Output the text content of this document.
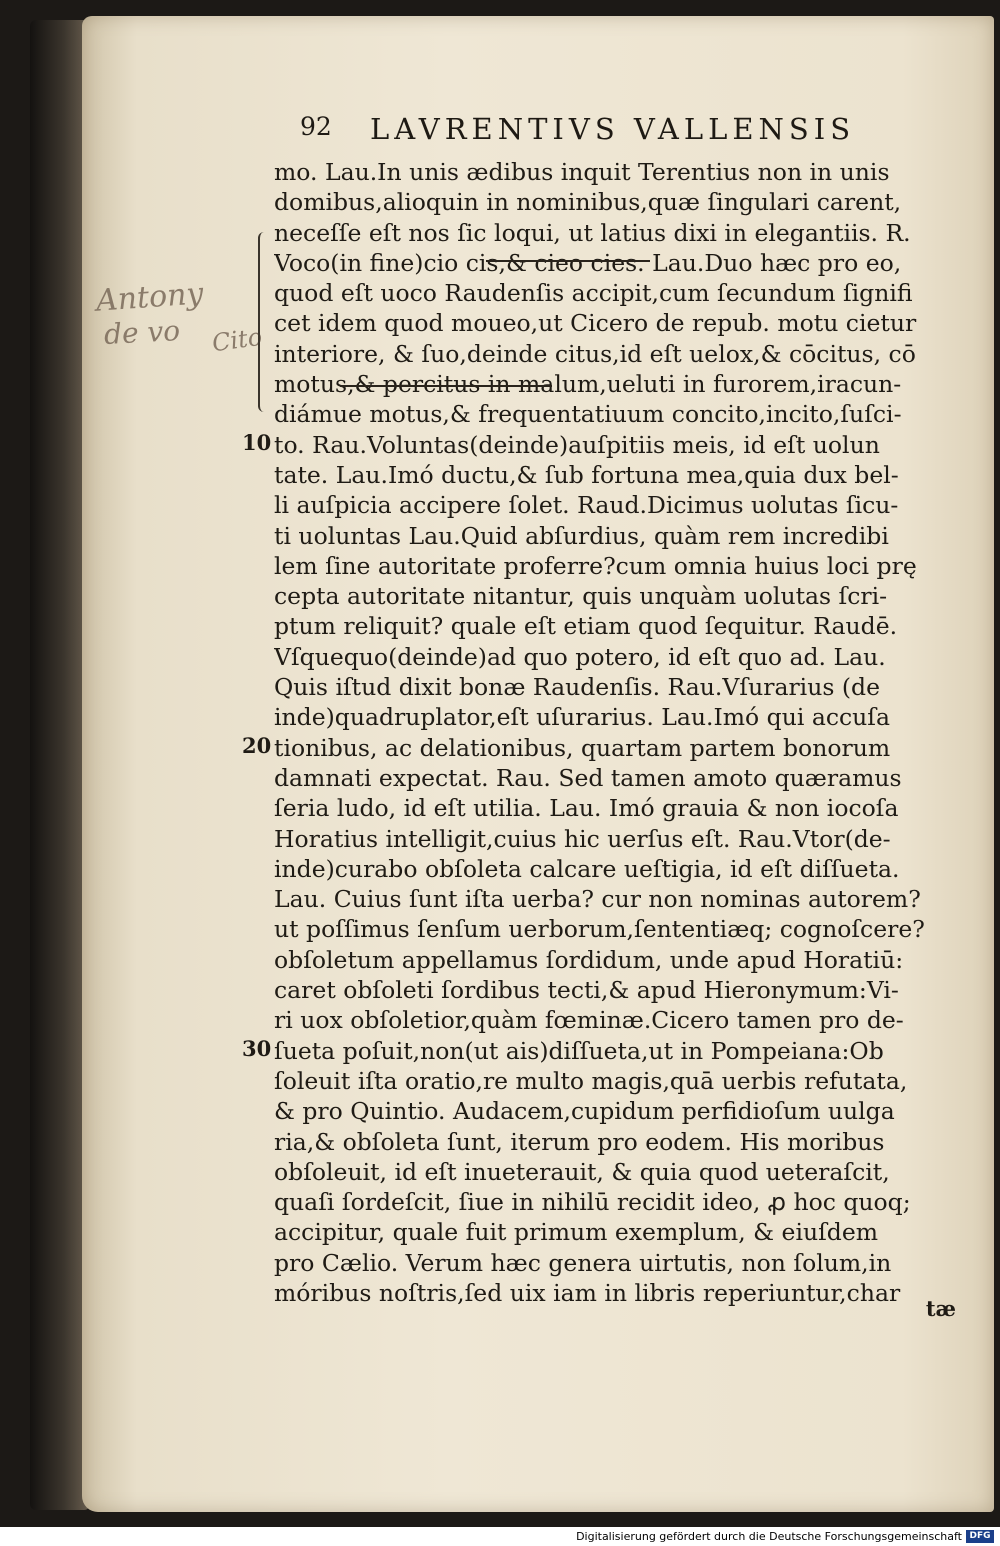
92 LAVRENTIVS VALLENSIS
Antony
de vo Cito
mo. Lau.In unis ædibus inquit Terentius non in unis
domibus,alioquin in nominibus,quæ ſingulari carent,
neceſſe eſt nos ſic loqui, ut latius dixi in elegantiis. R.
Voco(in fine)cio cis,& cieo cies. Lau.Duo hæc pro eo,
quod eſt uoco Raudenſis accipit,cum ſecundum ſignifi
cet idem quod moueo,ut Cicero de repub. motu cietur
interiore, & ſuo,deinde citus,id eſt uelox,& cōcitus, cō
motus,& percitus in malum,ueluti in furorem,iracun-
diámue motus,& frequentatiuum concito,incito,ſuſci-
to. Rau.Voluntas(deinde)auſpitiis meis, id eſt uolun
10
tate. Lau.Imó ductu,& ſub fortuna mea,quia dux bel-
li auſpicia accipere ſolet. Raud.Dicimus uolutas ſicu-
ti uoluntas Lau.Quid abſurdius, quàm rem incredibi
lem ſine autoritate proferre?cum omnia huius loci prę
cepta autoritate nitantur, quis unquàm uolutas ſcri-
ptum reliquit? quale eſt etiam quod ſequitur. Raudē.
Vſquequo(deinde)ad quo potero, id eſt quo ad. Lau.
Quis iſtud dixit bonæ Raudenſis. Rau.Vſurarius (de
inde)quadruplator,eſt uſurarius. Lau.Imó qui accuſa
tionibus, ac delationibus, quartam partem bonorum
20
damnati expectat. Rau. Sed tamen amoto quæramus
ſeria ludo, id eſt utilia. Lau. Imó grauia & non iocoſa
Horatius intelligit,cuius hic uerſus eſt. Rau.Vtor(de-
inde)curabo obſoleta calcare ueſtigia, id eſt diſſueta.
Lau. Cuius ſunt iſta uerba? cur non nominas autorem?
ut poſſimus ſenſum uerborum,ſententiæq; cognoſcere?
obſoletum appellamus ſordidum, unde apud Horatiū:
caret obſoleti ſordibus tecti,& apud Hieronymum:Vi-
ri uox obſoletior,quàm fœminæ.Cicero tamen pro de-
ſueta poſuit,non(ut ais)diſſueta,ut in Pompeiana:Ob
30
ſoleuit iſta oratio,re multo magis,quā uerbis refutata,
& pro Quintio. Audacem,cupidum perfidioſum uulga
ria,& obſoleta ſunt, iterum pro eodem. His moribus
obſoleuit, id eſt inueterauit, & quia quod ueteraſcit,
quaſi ſordeſcit, ſiue in nihilū recidit ideo, ꝓ hoc quoq;
accipitur, quale fuit primum exemplum, & eiuſdem
pro Cælio. Verum hæc genera uirtutis, non ſolum,in
móribus noſtris,ſed uix iam in libris reperiuntur,char
tæ
Digitalisierung gefördert durch die Deutsche Forschungsgemeinschaft DFG
